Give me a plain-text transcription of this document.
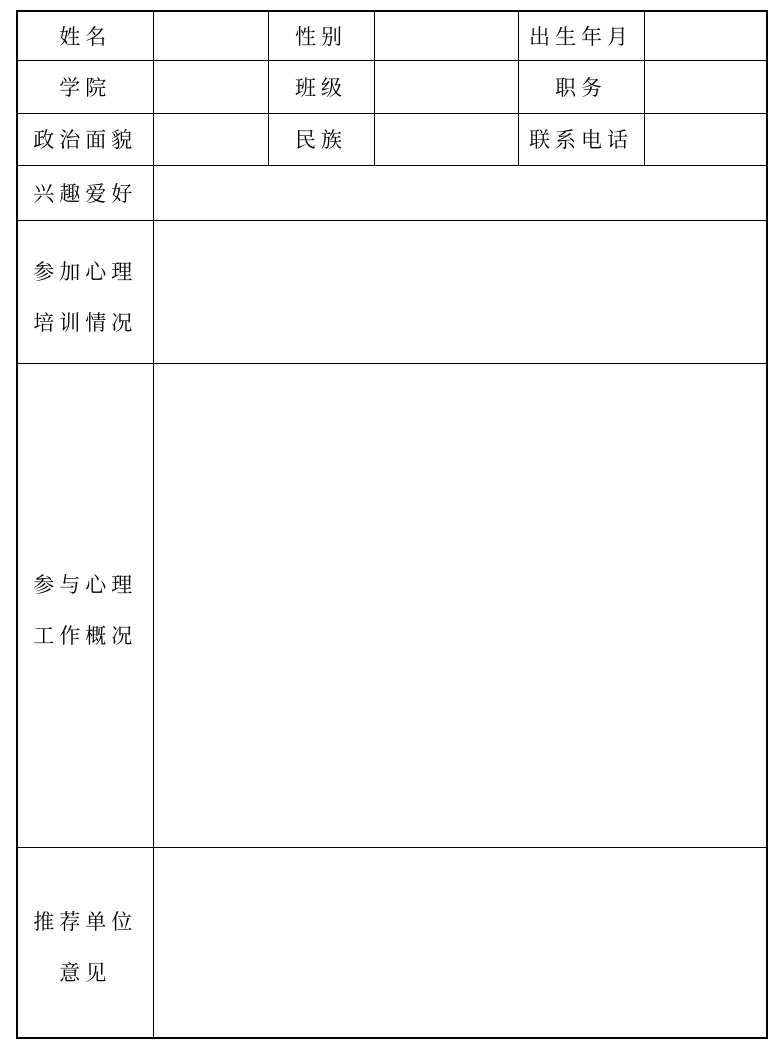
姓名		性别		出生年月	
学院		班级		职务	
政治面貌		民族		联系电话	

兴趣爱好					

参加心理
培训情况					

参与心理
工作概况					

推荐单位
意见					
